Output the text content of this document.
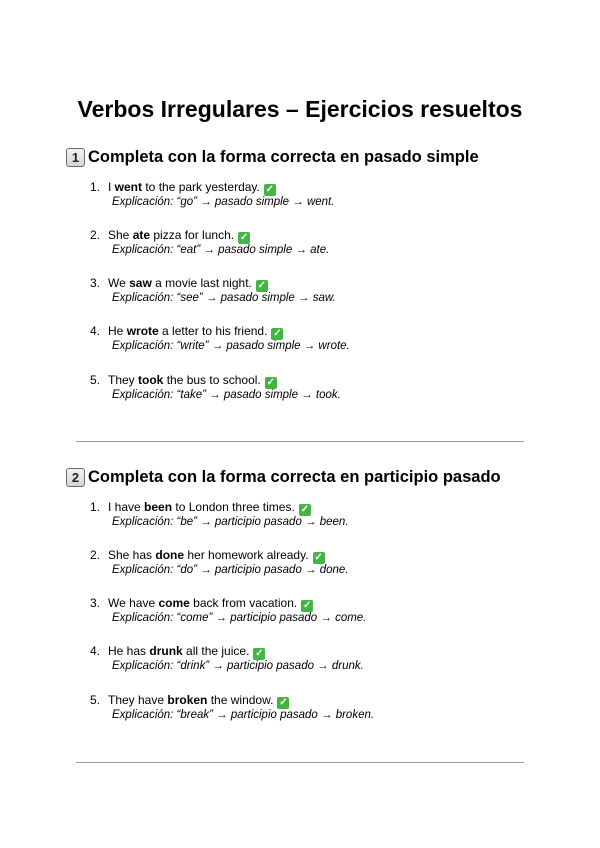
Verbos Irregulares – Ejercicios resueltos
1 Completa con la forma correcta en pasado simple
1. I went to the park yesterday. ✓
Explicación: “go” → pasado simple → went.
2. She ate pizza for lunch. ✓
Explicación: “eat” → pasado simple → ate.
3. We saw a movie last night. ✓
Explicación: “see” → pasado simple → saw.
4. He wrote a letter to his friend. ✓
Explicación: “write” → pasado simple → wrote.
5. They took the bus to school. ✓
Explicación: “take” → pasado simple → took.
2 Completa con la forma correcta en participio pasado
1. I have been to London three times. ✓
Explicación: “be” → participio pasado → been.
2. She has done her homework already. ✓
Explicación: “do” → participio pasado → done.
3. We have come back from vacation. ✓
Explicación: “come” → participio pasado → come.
4. He has drunk all the juice. ✓
Explicación: “drink” → participio pasado → drunk.
5. They have broken the window. ✓
Explicación: “break” → participio pasado → broken.
